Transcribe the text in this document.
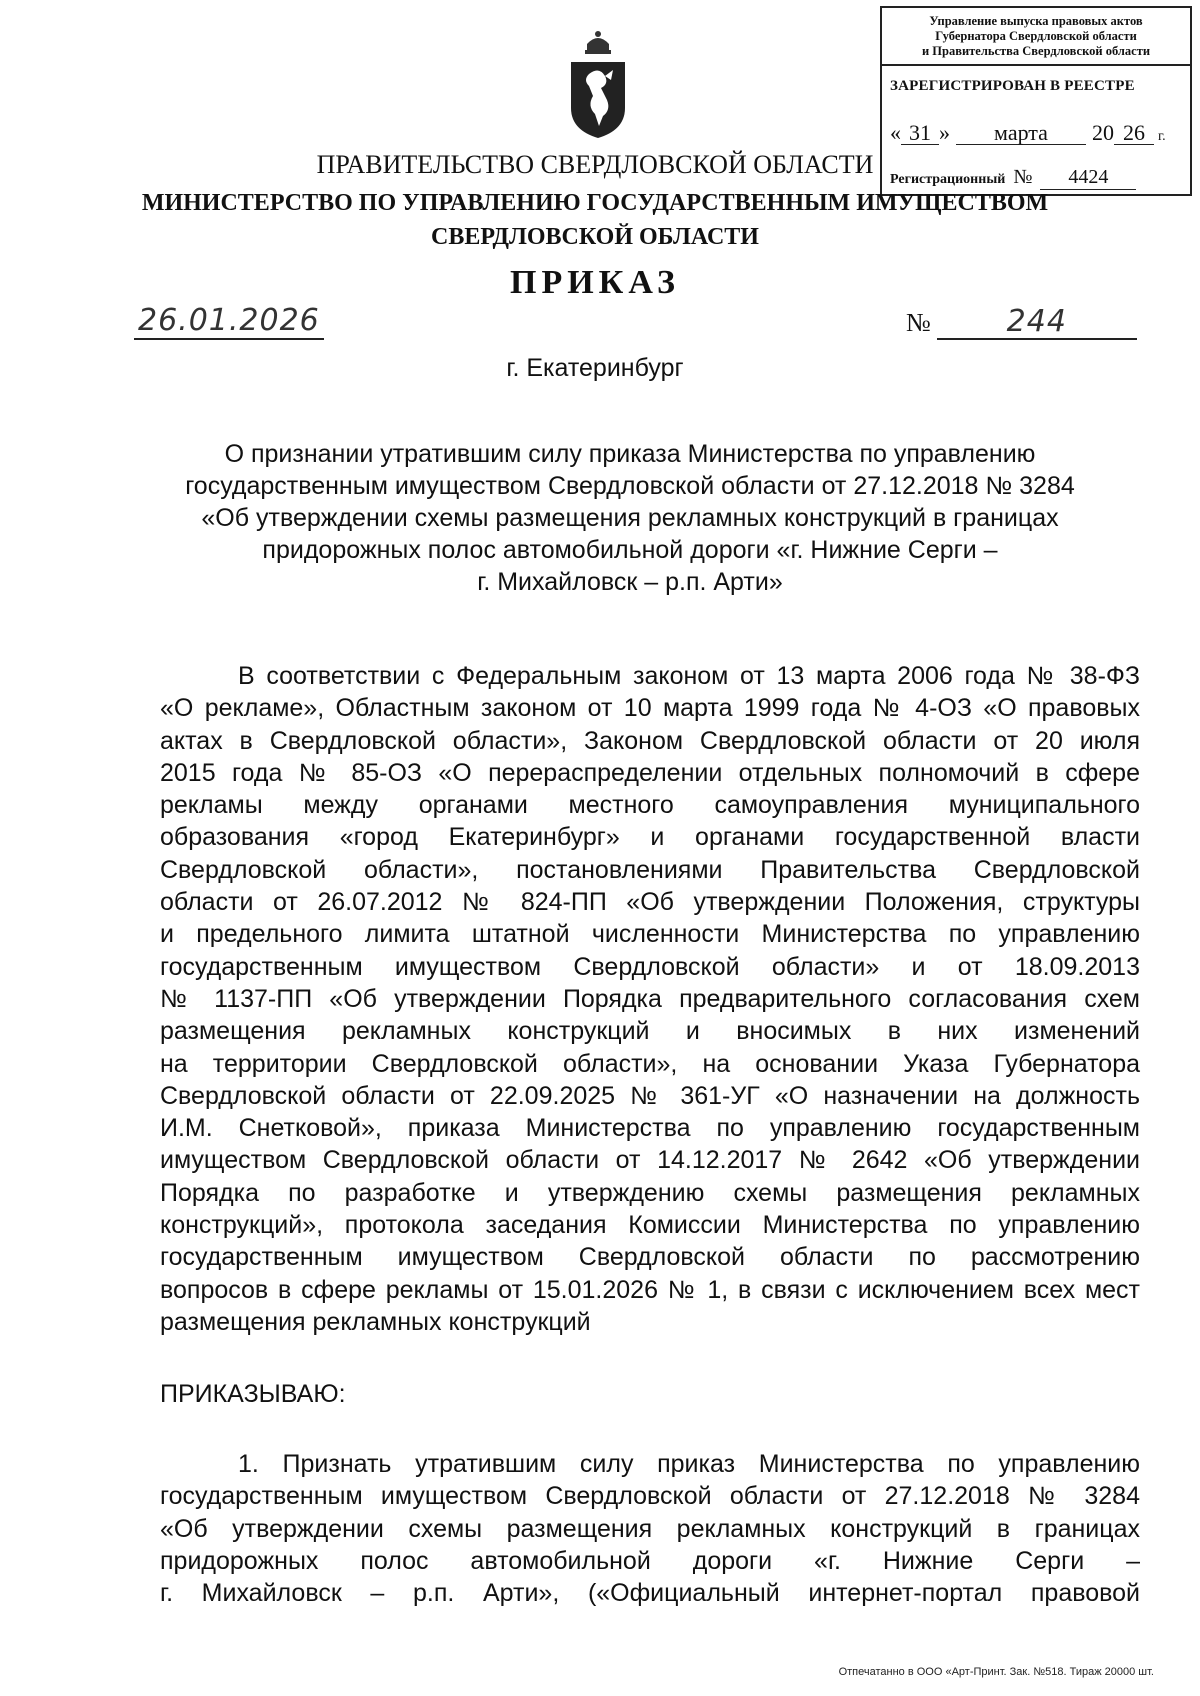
Управление выпуска правовых актов
Губернатора Свердловской области
и Правительства Свердловской области
ЗАРЕГИСТРИРОВАН В РЕЕСТРЕ
« 31 » марта 20 26 г.
Регистрационный № 4424
ПРАВИТЕЛЬСТВО СВЕРДЛОВСКОЙ ОБЛАСТИ
МИНИСТЕРСТВО ПО УПРАВЛЕНИЮ ГОСУДАРСТВЕННЫМ ИМУЩЕСТВОМ
СВЕРДЛОВСКОЙ ОБЛАСТИ
ПРИКАЗ
26.01.2026	№	244
г. Екатеринбург
О признании утратившим силу приказа Министерства по управлению
государственным имуществом Свердловской области от 27.12.2018 № 3284
«Об утверждении схемы размещения рекламных конструкций в границах
придорожных полос автомобильной дороги «г. Нижние Серги –
г. Михайловск – р.п. Арти»
В соответствии с Федеральным законом от 13 марта 2006 года № 38-ФЗ
«О рекламе», Областным законом от 10 марта 1999 года № 4-ОЗ «О правовых
актах в Свердловской области», Законом Свердловской области от 20 июля
2015 года № 85-ОЗ «О перераспределении отдельных полномочий в сфере
рекламы между органами местного самоуправления муниципального
образования «город Екатеринбург» и органами государственной власти
Свердловской области», постановлениями Правительства Свердловской
области от 26.07.2012 № 824-ПП «Об утверждении Положения, структуры
и предельного лимита штатной численности Министерства по управлению
государственным имуществом Свердловской области» и от 18.09.2013
№ 1137-ПП «Об утверждении Порядка предварительного согласования схем
размещения рекламных конструкций и вносимых в них изменений
на территории Свердловской области», на основании Указа Губернатора
Свердловской области от 22.09.2025 № 361-УГ «О назначении на должность
И.М. Снетковой», приказа Министерства по управлению государственным
имуществом Свердловской области от 14.12.2017 № 2642 «Об утверждении
Порядка по разработке и утверждению схемы размещения рекламных
конструкций», протокола заседания Комиссии Министерства по управлению
государственным имуществом Свердловской области по рассмотрению
вопросов в сфере рекламы от 15.01.2026 № 1, в связи с исключением всех мест
размещения рекламных конструкций
ПРИКАЗЫВАЮ:
1. Признать утратившим силу приказ Министерства по управлению
государственным имуществом Свердловской области от 27.12.2018 № 3284
«Об утверждении схемы размещения рекламных конструкций в границах
придорожных полос автомобильной дороги «г. Нижние Серги –
г. Михайловск – р.п. Арти», («Официальный интернет-портал правовой
Отпечатанно в ООО «Арт-Принт. Зак. №518. Тираж 20000 шт.
